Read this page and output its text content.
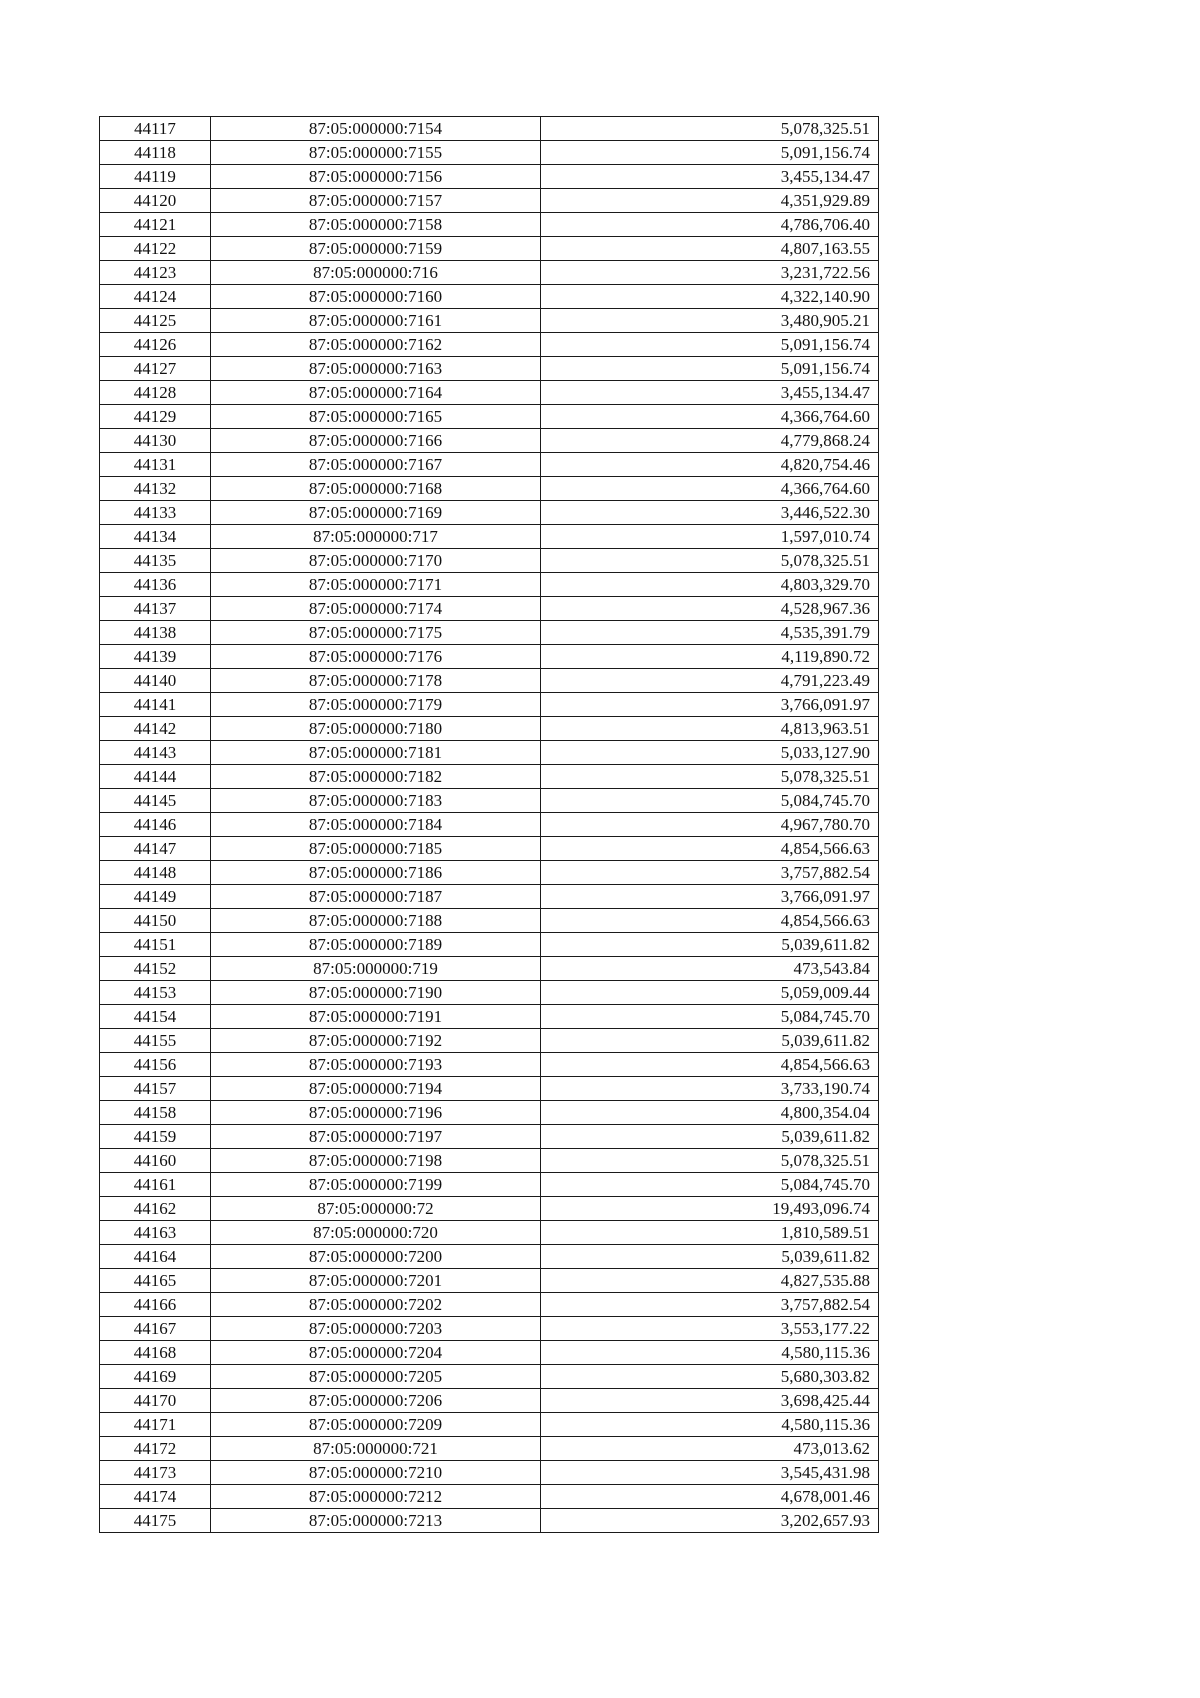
44117	87:05:000000:7154	5,078,325.51
44118	87:05:000000:7155	5,091,156.74
44119	87:05:000000:7156	3,455,134.47
44120	87:05:000000:7157	4,351,929.89
44121	87:05:000000:7158	4,786,706.40
44122	87:05:000000:7159	4,807,163.55
44123	87:05:000000:716	3,231,722.56
44124	87:05:000000:7160	4,322,140.90
44125	87:05:000000:7161	3,480,905.21
44126	87:05:000000:7162	5,091,156.74
44127	87:05:000000:7163	5,091,156.74
44128	87:05:000000:7164	3,455,134.47
44129	87:05:000000:7165	4,366,764.60
44130	87:05:000000:7166	4,779,868.24
44131	87:05:000000:7167	4,820,754.46
44132	87:05:000000:7168	4,366,764.60
44133	87:05:000000:7169	3,446,522.30
44134	87:05:000000:717	1,597,010.74
44135	87:05:000000:7170	5,078,325.51
44136	87:05:000000:7171	4,803,329.70
44137	87:05:000000:7174	4,528,967.36
44138	87:05:000000:7175	4,535,391.79
44139	87:05:000000:7176	4,119,890.72
44140	87:05:000000:7178	4,791,223.49
44141	87:05:000000:7179	3,766,091.97
44142	87:05:000000:7180	4,813,963.51
44143	87:05:000000:7181	5,033,127.90
44144	87:05:000000:7182	5,078,325.51
44145	87:05:000000:7183	5,084,745.70
44146	87:05:000000:7184	4,967,780.70
44147	87:05:000000:7185	4,854,566.63
44148	87:05:000000:7186	3,757,882.54
44149	87:05:000000:7187	3,766,091.97
44150	87:05:000000:7188	4,854,566.63
44151	87:05:000000:7189	5,039,611.82
44152	87:05:000000:719	473,543.84
44153	87:05:000000:7190	5,059,009.44
44154	87:05:000000:7191	5,084,745.70
44155	87:05:000000:7192	5,039,611.82
44156	87:05:000000:7193	4,854,566.63
44157	87:05:000000:7194	3,733,190.74
44158	87:05:000000:7196	4,800,354.04
44159	87:05:000000:7197	5,039,611.82
44160	87:05:000000:7198	5,078,325.51
44161	87:05:000000:7199	5,084,745.70
44162	87:05:000000:72	19,493,096.74
44163	87:05:000000:720	1,810,589.51
44164	87:05:000000:7200	5,039,611.82
44165	87:05:000000:7201	4,827,535.88
44166	87:05:000000:7202	3,757,882.54
44167	87:05:000000:7203	3,553,177.22
44168	87:05:000000:7204	4,580,115.36
44169	87:05:000000:7205	5,680,303.82
44170	87:05:000000:7206	3,698,425.44
44171	87:05:000000:7209	4,580,115.36
44172	87:05:000000:721	473,013.62
44173	87:05:000000:7210	3,545,431.98
44174	87:05:000000:7212	4,678,001.46
44175	87:05:000000:7213	3,202,657.93
